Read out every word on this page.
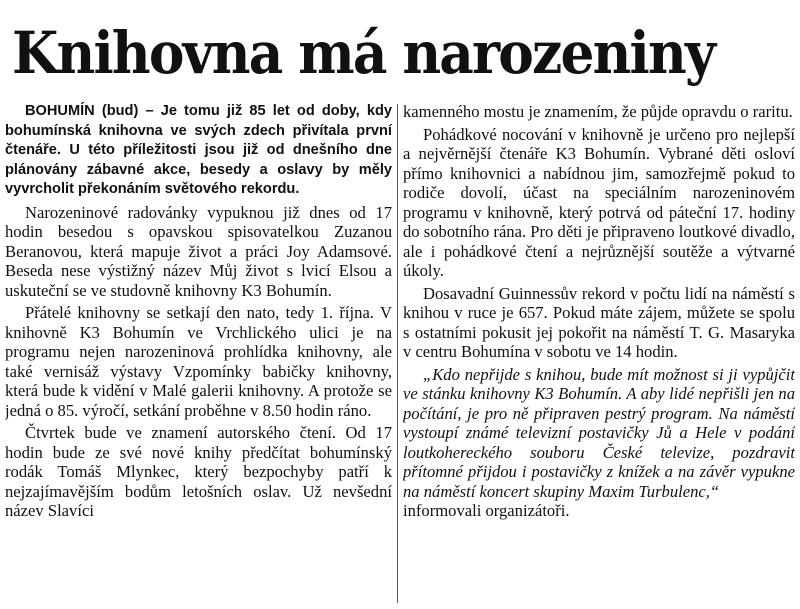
Knihovna má narozeniny

BOHUMÍN (bud) – Je tomu již 85 let od doby, kdy bohumínská knihovna ve svých zdech přivítala první čtenáře. U této příležitosti jsou již od dnešního dne plánovány zábavné akce, besedy a oslavy by měly vyvrcholit překonáním světového rekordu.

Narozeninové radovánky vypuknou již dnes od 17 hodin besedou s opavskou spisovatelkou Zuzanou Beranovou, která mapuje život a práci Joy Adamsové. Beseda nese výstižný název Můj život s lvicí Elsou a uskuteční se ve studovně knihovny K3 Bohumín.

Přátelé knihovny se setkají den nato, tedy 1. října. V knihovně K3 Bohumín ve Vrchlického ulici je na programu nejen narozeninová prohlídka knihovny, ale také vernisáž výstavy Vzpomínky babičky knihovny, která bude k vidění v Malé galerii knihovny. A protože se jedná o 85. výročí, setkání proběhne v 8.50 hodin ráno.

Čtvrtek bude ve znamení autorského čtení. Od 17 hodin bude ze své nové knihy předčítat bohumínský rodák Tomáš Mlynkec, který bezpochyby patří k nejzajímavějším bodům letošních oslav. Už nevšední název Slavíci

kamenného mostu je znamením, že půjde opravdu o raritu.

Pohádkové nocování v knihovně je určeno pro nejlepší a nejvěrnější čtenáře K3 Bohumín. Vybrané děti osloví přímo knihovnici a nabídnou jim, samozřejmě pokud to rodiče dovolí, účast na speciálním narozeninovém programu v knihovně, který potrvá od páteční 17. hodiny do sobotního rána. Pro děti je připraveno loutkové divadlo, ale i pohádkové čtení a nejrůznější soutěže a výtvarné úkoly.

Dosavadní Guinnessův rekord v počtu lidí na náměstí s knihou v ruce je 657. Pokud máte zájem, můžete se spolu s ostatními pokusit jej pokořit na náměstí T. G. Masaryka v centru Bohumína v sobotu ve 14 hodin.

„Kdo nepřijde s knihou, bude mít možnost si ji vypůjčit ve stánku knihovny K3 Bohumín. A aby lidé nepřišli jen na počítání, je pro ně připraven pestrý program. Na náměstí vystoupí známé televizní postavičky Jů a Hele v podání loutkohereckého souboru České televize, pozdravit přítomné přijdou i postavičky z knížek a na závěr vypukne na náměstí koncert skupiny Maxim Turbulenc,“

informovali organizátoři.
